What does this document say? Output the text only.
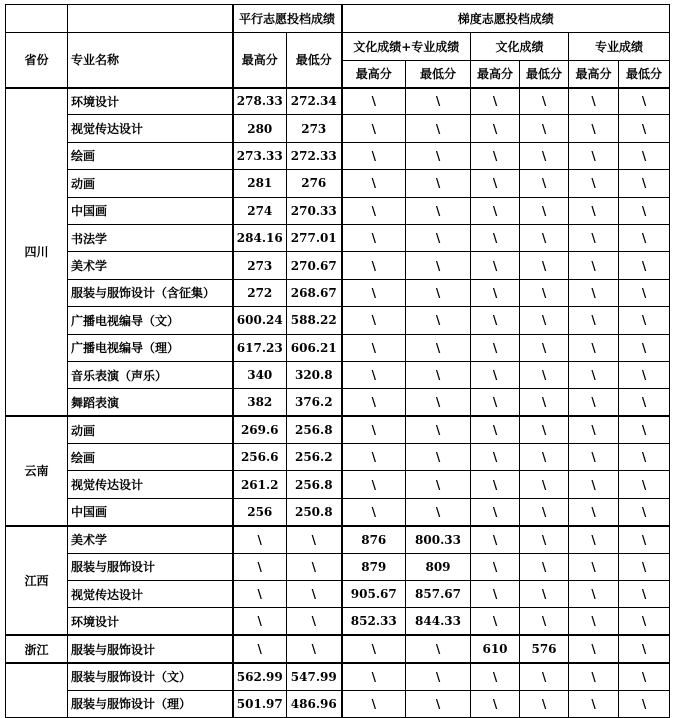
		平行志愿投档成绩		梯度志愿投档成绩					
省份	专业名称	最高分	最低分	文化成绩+专业成绩		文化成绩		专业成绩	
				最高分	最低分	最高分	最低分	最高分	最低分
四川	环境设计	278.33	272.34	\	\	\	\	\	\
	视觉传达设计	280	273	\	\	\	\	\	\
	绘画	273.33	272.33	\	\	\	\	\	\
	动画	281	276	\	\	\	\	\	\
	中国画	274	270.33	\	\	\	\	\	\
	书法学	284.16	277.01	\	\	\	\	\	\
	美术学	273	270.67	\	\	\	\	\	\
	服装与服饰设计（含征集）	272	268.67	\	\	\	\	\	\
	广播电视编导（文）	600.24	588.22	\	\	\	\	\	\
	广播电视编导（理）	617.23	606.21	\	\	\	\	\	\
	音乐表演（声乐）	340	320.8	\	\	\	\	\	\
	舞蹈表演	382	376.2	\	\	\	\	\	\
云南	动画	269.6	256.8	\	\	\	\	\	\
	绘画	256.6	256.2	\	\	\	\	\	\
	视觉传达设计	261.2	256.8	\	\	\	\	\	\
	中国画	256	250.8	\	\	\	\	\	\
江西	美术学	\	\	876	800.33	\	\	\	\
	服装与服饰设计	\	\	879	809	\	\	\	\
	视觉传达设计	\	\	905.67	857.67	\	\	\	\
	环境设计	\	\	852.33	844.33	\	\	\	\
浙江	服装与服饰设计	\	\	\	\	610	576	\	\
	服装与服饰设计（文）	562.99	547.99	\	\	\	\	\	\
	服装与服饰设计（理）	501.97	486.96	\	\	\	\	\	\
